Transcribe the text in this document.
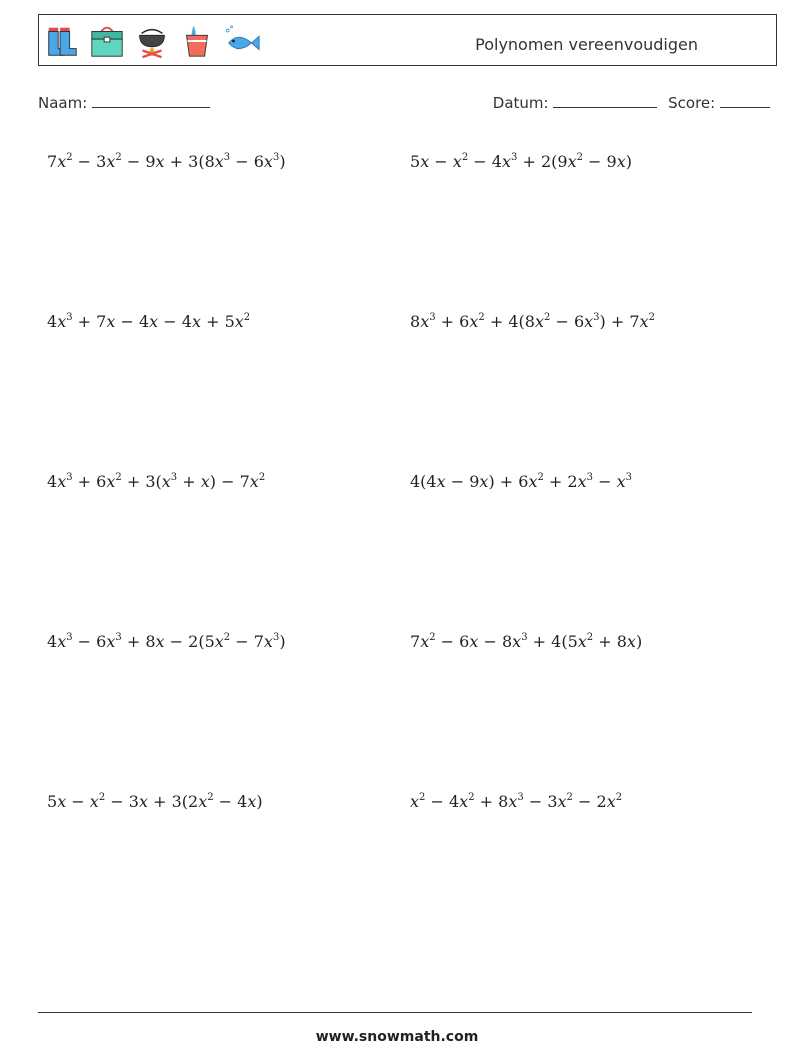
Polynomen vereenvoudigen
Naam:	Datum:	Score:
$7x^2 - 3x^2 - 9x + 3(8x^3 - 6x^3)$	$5x - x^2 - 4x^3 + 2(9x^2 - 9x)$
$4x^3 + 7x - 4x - 4x + 5x^2$	$8x^3 + 6x^2 + 4(8x^2 - 6x^3) + 7x^2$
$4x^3 + 6x^2 + 3(x^3 + x) - 7x^2$	$4(4x - 9x) + 6x^2 + 2x^3 - x^3$
$4x^3 - 6x^3 + 8x - 2(5x^2 - 7x^3)$	$7x^2 - 6x - 8x^3 + 4(5x^2 + 8x)$
$5x - x^2 - 3x + 3(2x^2 - 4x)$	$x^2 - 4x^2 + 8x^3 - 3x^2 - 2x^2$
www.snowmath.com
